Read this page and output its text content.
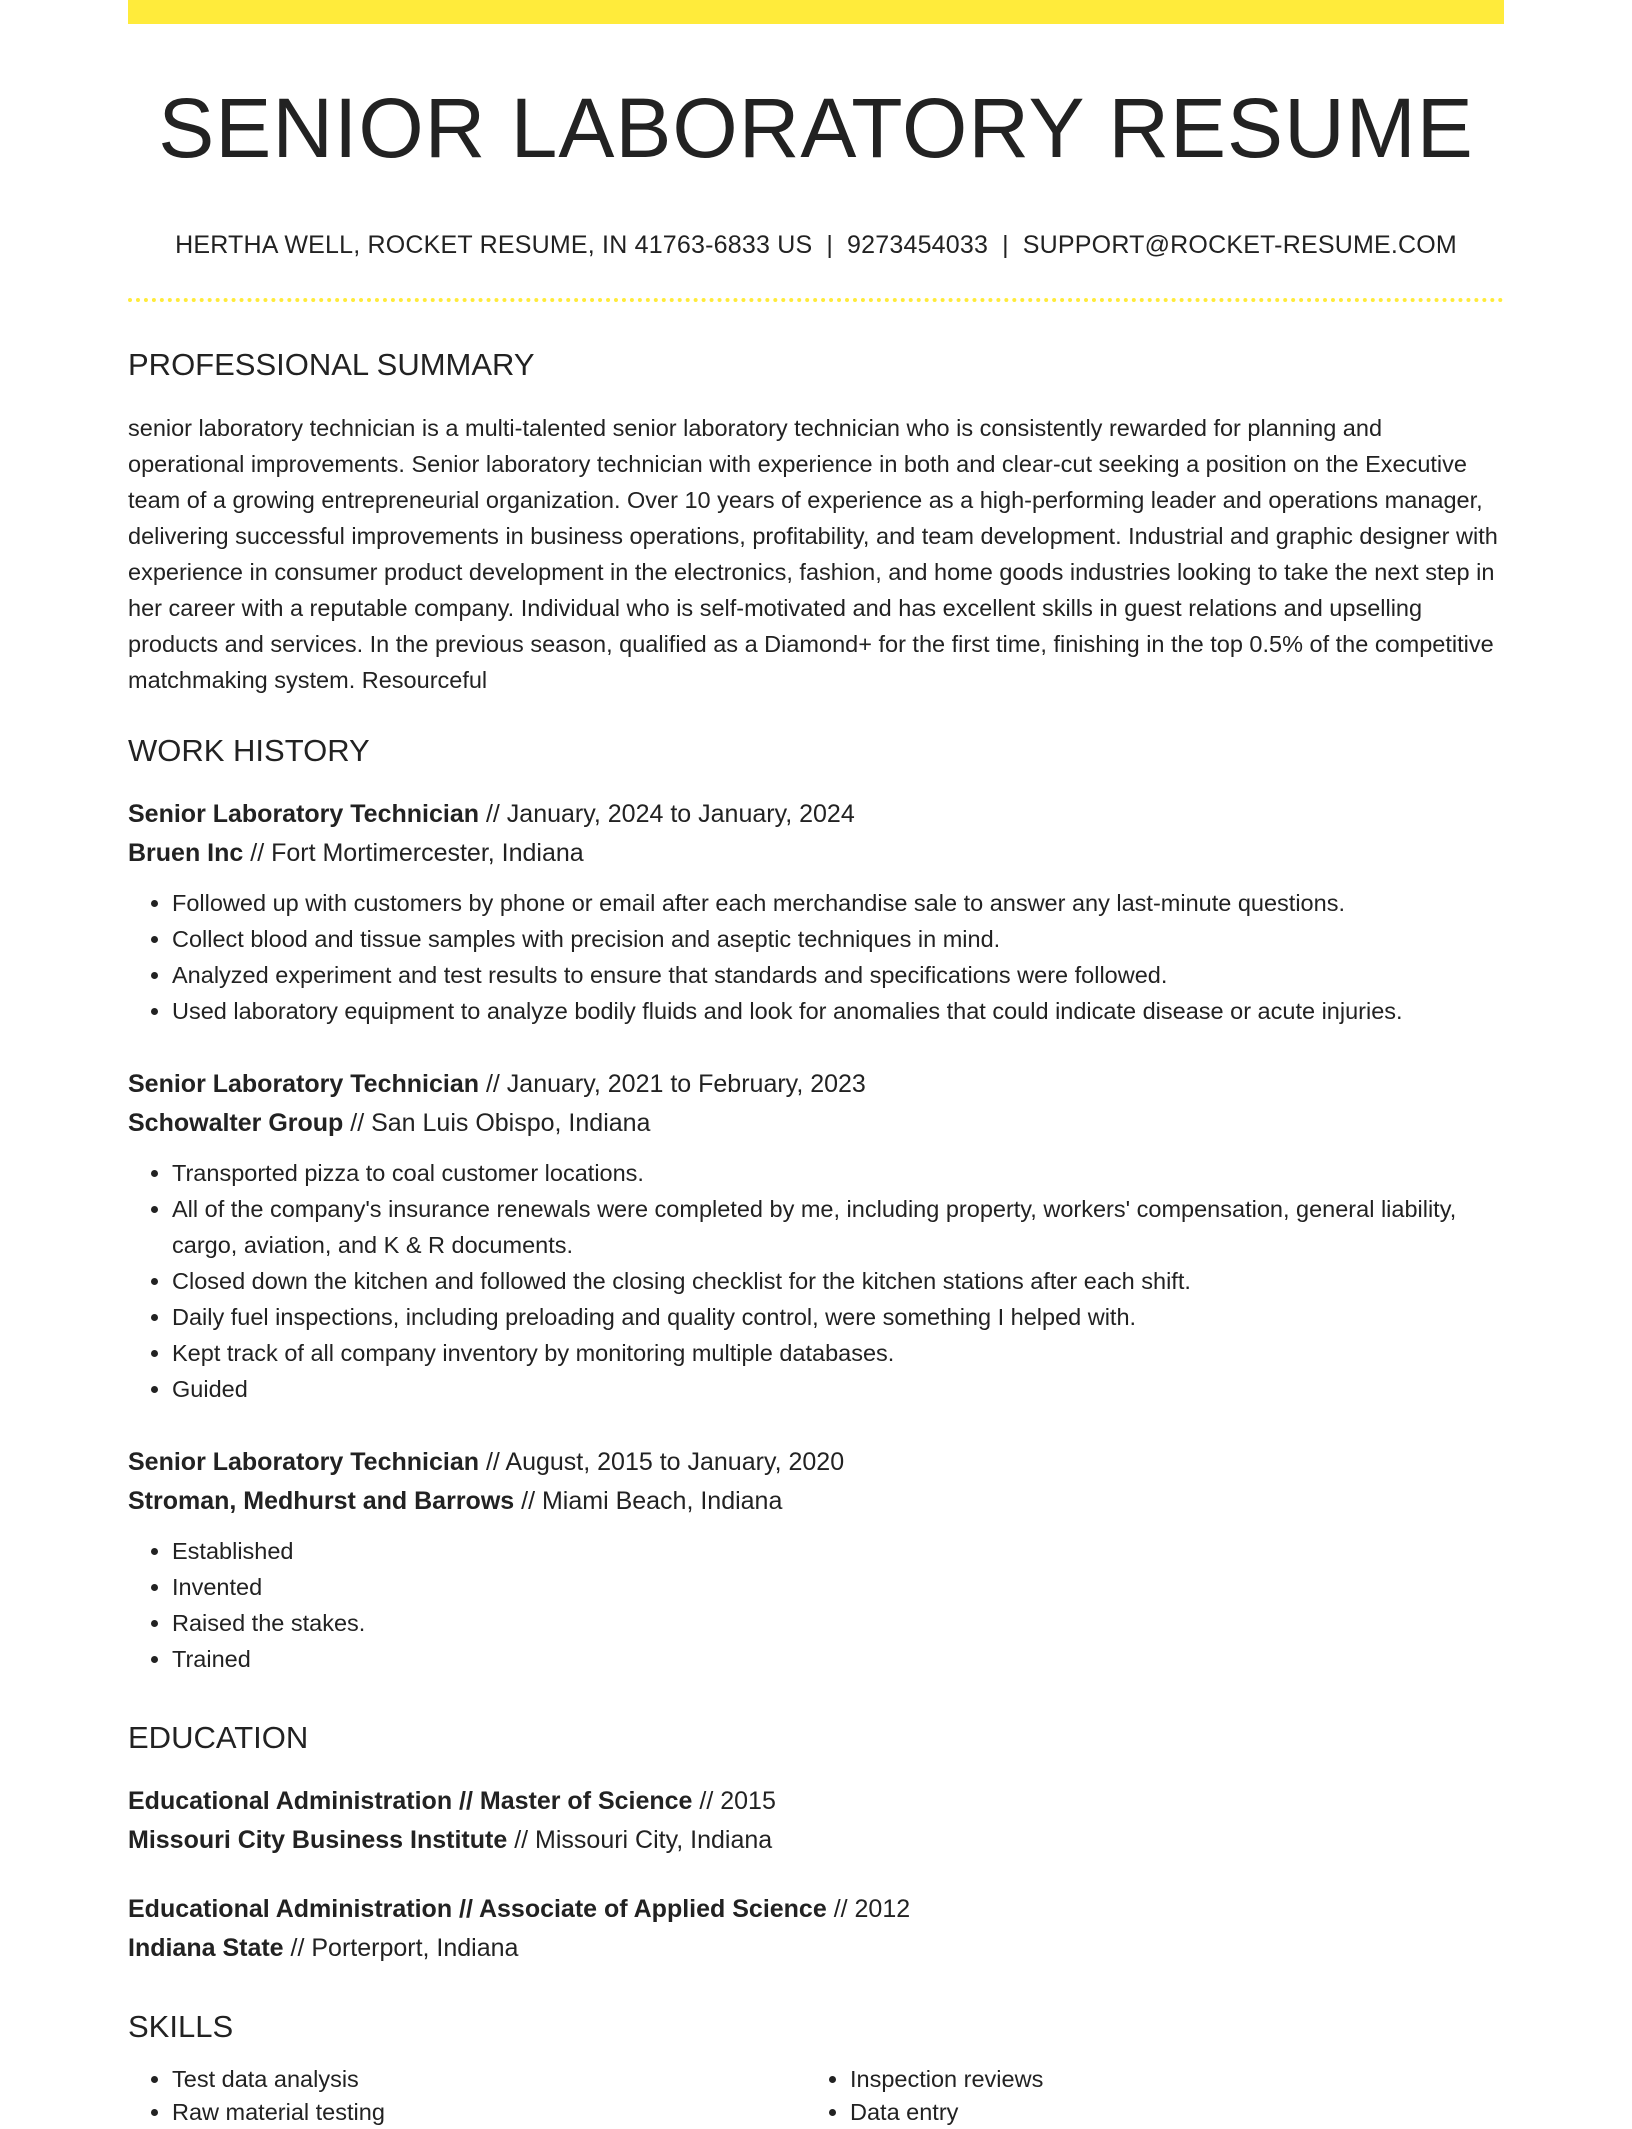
SENIOR LABORATORY RESUME
HERTHA WELL, ROCKET RESUME, IN 41763-6833 US | 9273454033 | SUPPORT@ROCKET-RESUME.COM
PROFESSIONAL SUMMARY

senior laboratory technician is a multi-talented senior laboratory technician who is consistently rewarded for planning and operational improvements. Senior laboratory technician with experience in both and clear-cut seeking a position on the Executive team of a growing entrepreneurial organization. Over 10 years of experience as a high-performing leader and operations manager, delivering successful improvements in business operations, profitability, and team development. Industrial and graphic designer with experience in consumer product development in the electronics, fashion, and home goods industries looking to take the next step in her career with a reputable company. Individual who is self-motivated and has excellent skills in guest relations and upselling products and services. In the previous season, qualified as a Diamond+ for the first time, finishing in the top 0.5% of the competitive matchmaking system. Resourceful

WORK HISTORY
Senior Laboratory Technician // January, 2024 to January, 2024
Bruen Inc // Fort Mortimercester, Indiana
• Followed up with customers by phone or email after each merchandise sale to answer any last-minute questions.
• Collect blood and tissue samples with precision and aseptic techniques in mind.
• Analyzed experiment and test results to ensure that standards and specifications were followed.
• Used laboratory equipment to analyze bodily fluids and look for anomalies that could indicate disease or acute injuries.
Senior Laboratory Technician // January, 2021 to February, 2023
Schowalter Group // San Luis Obispo, Indiana
• Transported pizza to coal customer locations.
• All of the company's insurance renewals were completed by me, including property, workers' compensation, general liability, cargo, aviation, and K & R documents.
• Closed down the kitchen and followed the closing checklist for the kitchen stations after each shift.
• Daily fuel inspections, including preloading and quality control, were something I helped with.
• Kept track of all company inventory by monitoring multiple databases.
• Guided
Senior Laboratory Technician // August, 2015 to January, 2020
Stroman, Medhurst and Barrows // Miami Beach, Indiana
• Established
• Invented
• Raised the stakes.
• Trained
EDUCATION
Educational Administration // Master of Science // 2015
Missouri City Business Institute // Missouri City, Indiana
Educational Administration // Associate of Applied Science // 2012
Indiana State // Porterport, Indiana
SKILLS
• Test data analysis
• Raw material testing
• Inspection reviews
• Data entry
